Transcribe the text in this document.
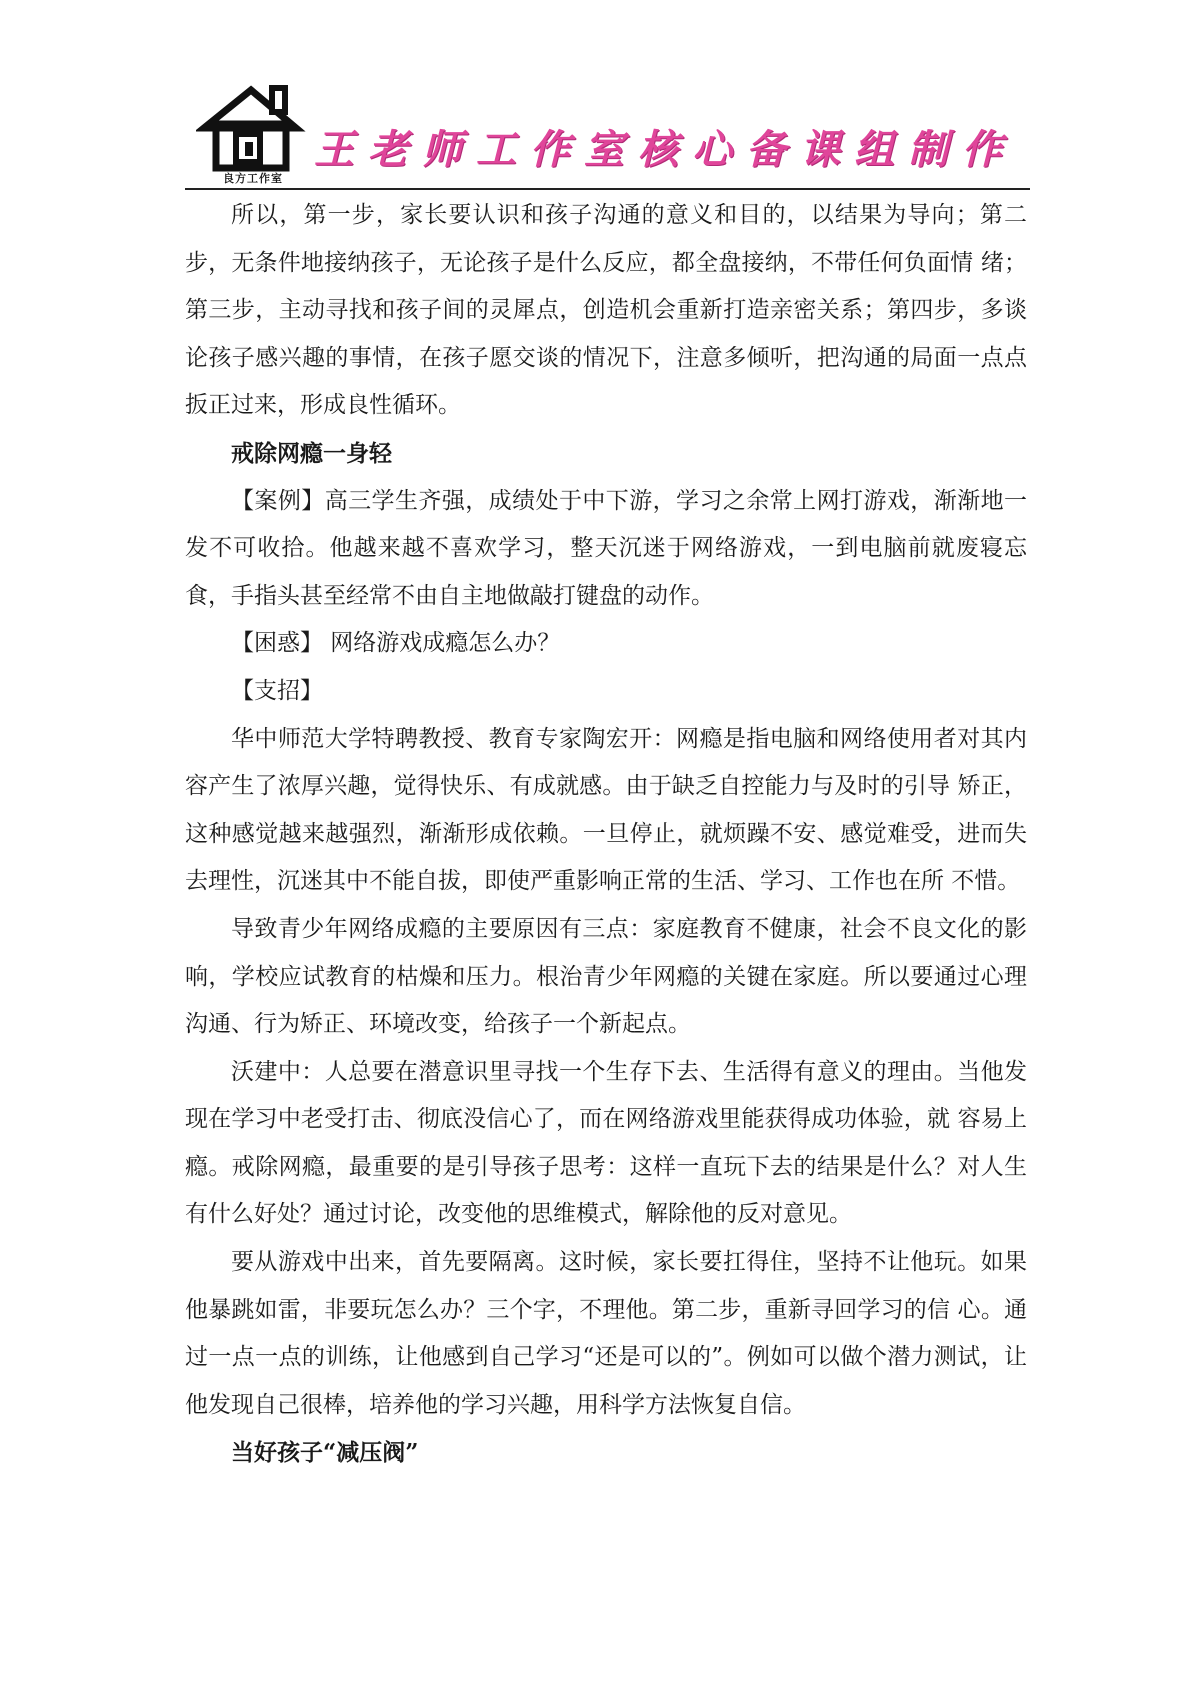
良方工作室
王老师工作室核心备课组制作

所以，第一步，家长要认识和孩子沟通的意义和目的，以结果为导向；第二步，无条件地接纳孩子，无论孩子是什么反应，都全盘接纳，不带任何负面情 绪；第三步，主动寻找和孩子间的灵犀点，创造机会重新打造亲密关系；第四步，多谈论孩子感兴趣的事情，在孩子愿交谈的情况下，注意多倾听，把沟通的局面一点点扳正过来，形成良性循环。

戒除网瘾一身轻

【案例】高三学生齐强，成绩处于中下游，学习之余常上网打游戏，渐渐地一发不可收拾。他越来越不喜欢学习，整天沉迷于网络游戏，一到电脑前就废寝忘食，手指头甚至经常不由自主地做敲打键盘的动作。

【困惑】 网络游戏成瘾怎么办？

【支招】

华中师范大学特聘教授、教育专家陶宏开：网瘾是指电脑和网络使用者对其内容产生了浓厚兴趣，觉得快乐、有成就感。由于缺乏自控能力与及时的引导 矫正，这种感觉越来越强烈，渐渐形成依赖。一旦停止，就烦躁不安、感觉难受，进而失去理性，沉迷其中不能自拔，即使严重影响正常的生活、学习、工作也在所 不惜。

导致青少年网络成瘾的主要原因有三点：家庭教育不健康，社会不良文化的影响，学校应试教育的枯燥和压力。根治青少年网瘾的关键在家庭。所以要通过心理沟通、行为矫正、环境改变，给孩子一个新起点。

沃建中：人总要在潜意识里寻找一个生存下去、生活得有意义的理由。当他发现在学习中老受打击、彻底没信心了，而在网络游戏里能获得成功体验，就 容易上瘾。戒除网瘾，最重要的是引导孩子思考：这样一直玩下去的结果是什么？对人生有什么好处？通过讨论，改变他的思维模式，解除他的反对意见。

要从游戏中出来，首先要隔离。这时候，家长要扛得住，坚持不让他玩。如果他暴跳如雷，非要玩怎么办？三个字，不理他。第二步，重新寻回学习的信 心。通过一点一点的训练，让他感到自己学习“还是可以的”。例如可以做个潜力测试，让他发现自己很棒，培养他的学习兴趣，用科学方法恢复自信。

当好孩子“减压阀”
